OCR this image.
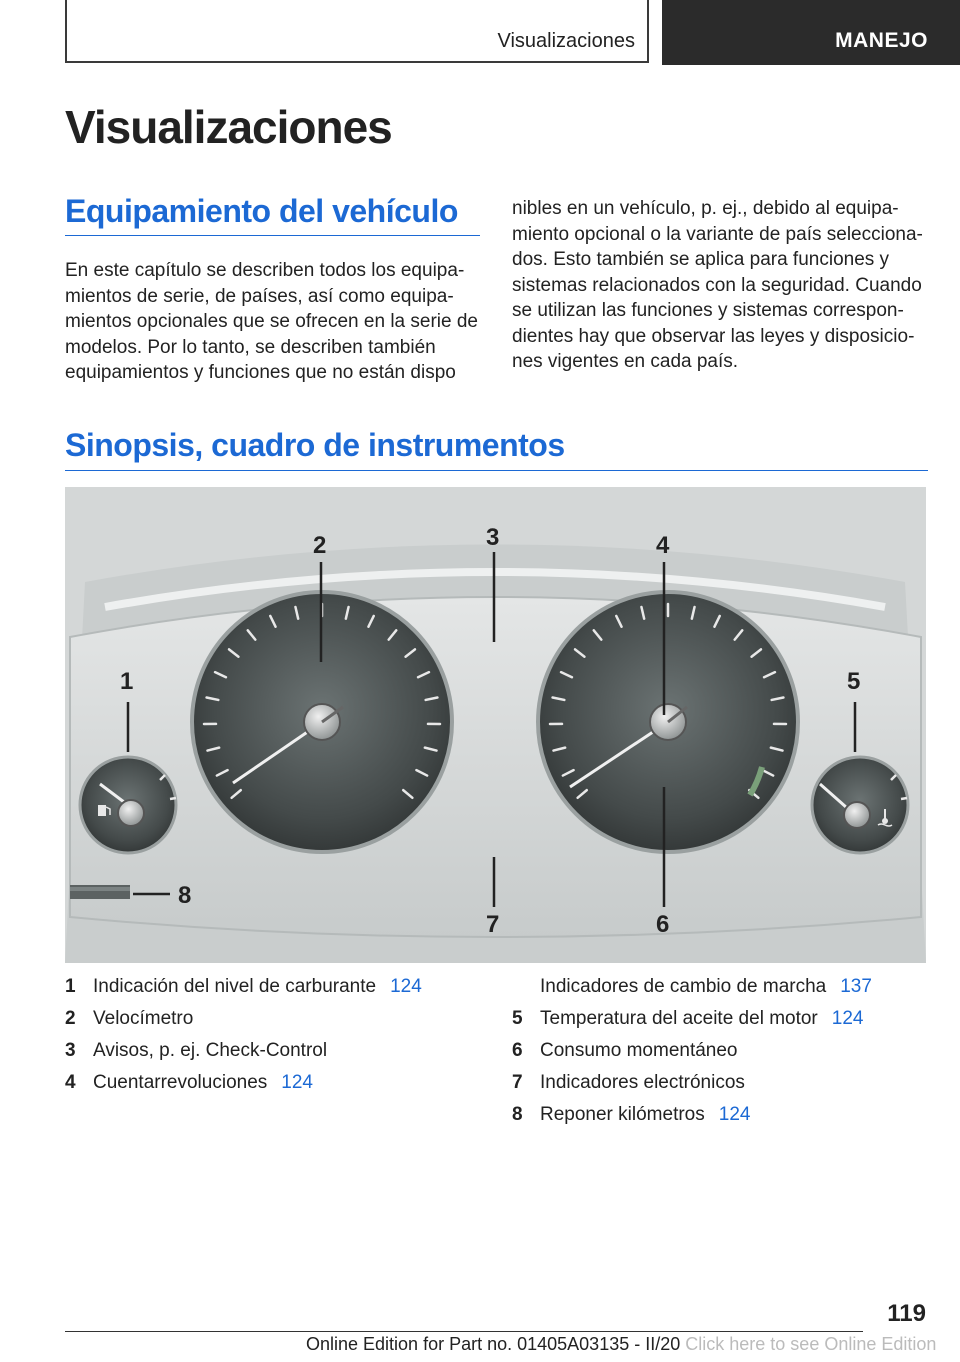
Visualizaciones	MANEJO
Visualizaciones
Equipamiento del vehículo

En este capítulo se describen todos los equipamientos de serie, de países, así como equipamientos opcionales que se ofrecen en la serie de modelos. Por lo tanto, se describen también equipamientos y funciones que no están dispo

nibles en un vehículo, p. ej., debido al equipamiento opcional o la variante de país seleccionados. Esto también se aplica para funciones y sistemas relacionados con la seguridad. Cuando se utilizan las funciones y sistemas correspondientes hay que observar las leyes y disposiciones vigentes en cada país.

Sinopsis, cuadro de instrumentos
1
2	3	4
5
6
7
8
1 Indicación del nivel de carburante 124
2 Velocímetro
3 Avisos, p. ej. Check-Control
4 Cuentarrevoluciones 124
Indicadores de cambio de marcha 137
5 Temperatura del aceite del motor 124
6 Consumo momentáneo
7 Indicadores electrónicos
8 Reponer kilómetros 124
119
Online Edition for Part no. 01405A03135 - II/20 Click here to see Online Edition
